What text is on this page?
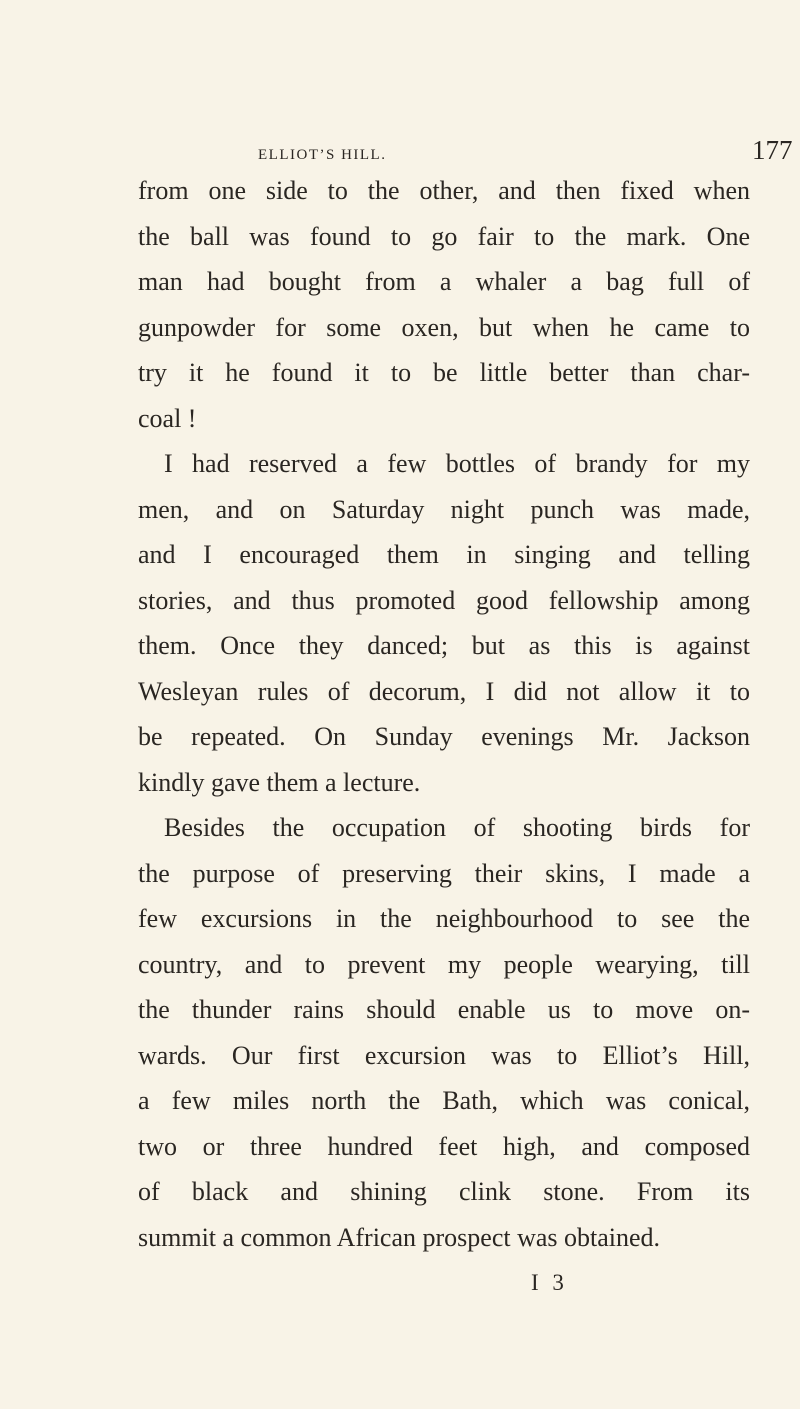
elliot’s hill.	177
from one side to the other, and then fixed when
the ball was found to go fair to the mark. One
man had bought from a whaler a bag full of
gunpowder for some oxen, but when he came to
try it he found it to be little better than char-
coal !
I had reserved a few bottles of brandy for my
men, and on Saturday night punch was made,
and I encouraged them in singing and telling
stories, and thus promoted good fellowship among
them. Once they danced; but as this is against
Wesleyan rules of decorum, I did not allow it to
be repeated. On Sunday evenings Mr. Jackson
kindly gave them a lecture.
Besides the occupation of shooting birds for
the purpose of preserving their skins, I made a
few excursions in the neighbourhood to see the
country, and to prevent my people wearying, till
the thunder rains should enable us to move on-
wards. Our first excursion was to Elliot’s Hill,
a few miles north the Bath, which was conical,
two or three hundred feet high, and composed
of black and shining clink stone. From its
summit a common African prospect was obtained.
I 3
